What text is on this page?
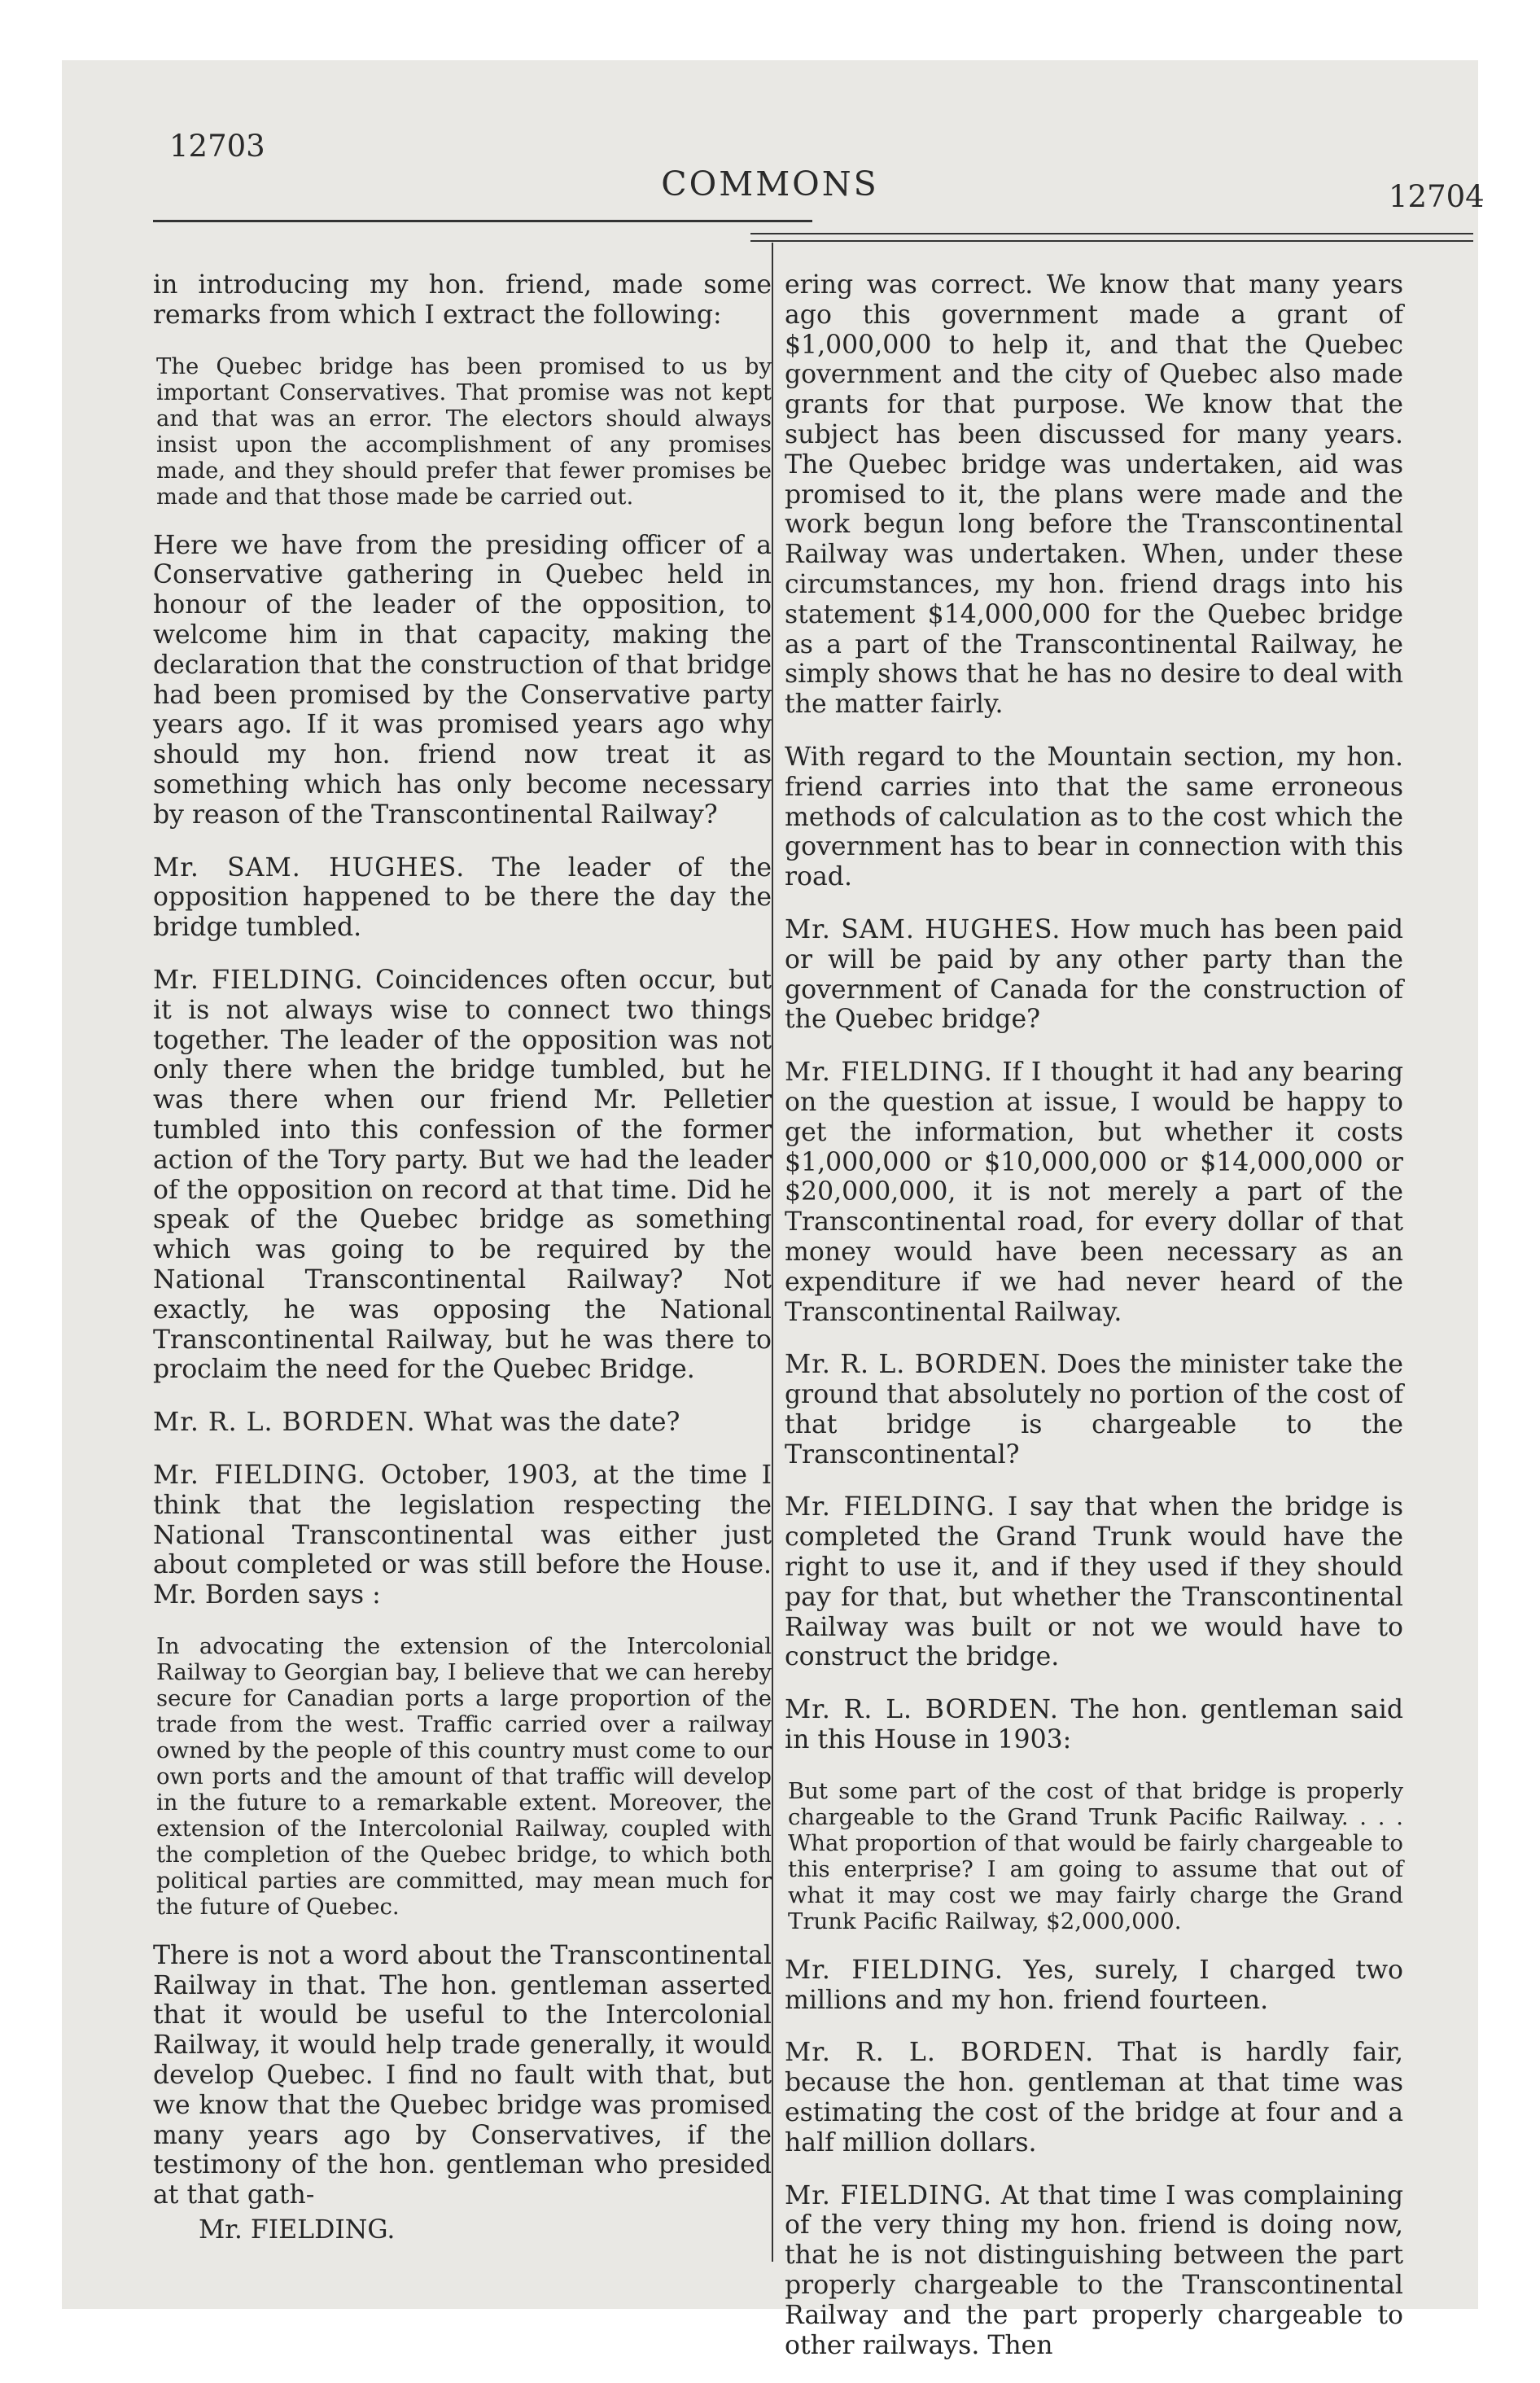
12703
COMMONS	12704

in introducing my hon. friend, made some remarks from which I extract the following:

The Quebec bridge has been promised to us by important Conservatives. That promise was not kept and that was an error. The electors should always insist upon the accomplishment of any promises made, and they should prefer that fewer promises be made and that those made be carried out.

Here we have from the presiding officer of a Conservative gathering in Quebec held in honour of the leader of the opposition, to welcome him in that capacity, making the declaration that the construction of that bridge had been promised by the Conservative party years ago. If it was promised years ago why should my hon. friend now treat it as something which has only become necessary by reason of the Transcontinental Railway?

Mr. SAM. HUGHES. The leader of the opposition happened to be there the day the bridge tumbled.

Mr. FIELDING. Coincidences often occur, but it is not always wise to connect two things together. The leader of the opposition was not only there when the bridge tumbled, but he was there when our friend Mr. Pelletier tumbled into this confession of the former action of the Tory party. But we had the leader of the opposition on record at that time. Did he speak of the Quebec bridge as something which was going to be required by the National Transcontinental Railway? Not exactly, he was opposing the National Transcontinental Railway, but he was there to proclaim the need for the Quebec Bridge.

Mr. R. L. BORDEN. What was the date?

Mr. FIELDING. October, 1903, at the time I think that the legislation respecting the National Transcontinental was either just about completed or was still before the House. Mr. Borden says :

In advocating the extension of the Intercolonial Railway to Georgian bay, I believe that we can hereby secure for Canadian ports a large proportion of the trade from the west. Traffic carried over a railway owned by the people of this country must come to our own ports and the amount of that traffic will develop in the future to a remarkable extent. Moreover, the extension of the Intercolonial Railway, coupled with the completion of the Quebec bridge, to which both political parties are committed, may mean much for the future of Quebec.

There is not a word about the Transcontinental Railway in that. The hon. gentleman asserted that it would be useful to the Intercolonial Railway, it would help trade generally, it would develop Quebec. I find no fault with that, but we know that the Quebec bridge was promised many years ago by Conservatives, if the testimony of the hon. gentleman who presided at that gath-

Mr. FIELDING.

ering was correct. We know that many years ago this government made a grant of $1,000,000 to help it, and that the Quebec government and the city of Quebec also made grants for that purpose. We know that the subject has been discussed for many years. The Quebec bridge was undertaken, aid was promised to it, the plans were made and the work begun long before the Transcontinental Railway was undertaken. When, under these circumstances, my hon. friend drags into his statement $14,000,000 for the Quebec bridge as a part of the Transcontinental Railway, he simply shows that he has no desire to deal with the matter fairly.

With regard to the Mountain section, my hon. friend carries into that the same erroneous methods of calculation as to the cost which the government has to bear in connection with this road.

Mr. SAM. HUGHES. How much has been paid or will be paid by any other party than the government of Canada for the construction of the Quebec bridge?

Mr. FIELDING. If I thought it had any bearing on the question at issue, I would be happy to get the information, but whether it costs $1,000,000 or $10,000,000 or $14,000,000 or $20,000,000, it is not merely a part of the Transcontinental road, for every dollar of that money would have been necessary as an expenditure if we had never heard of the Transcontinental Railway.

Mr. R. L. BORDEN. Does the minister take the ground that absolutely no portion of the cost of that bridge is chargeable to the Transcontinental?

Mr. FIELDING. I say that when the bridge is completed the Grand Trunk would have the right to use it, and if they used if they should pay for that, but whether the Transcontinental Railway was built or not we would have to construct the bridge.

Mr. R. L. BORDEN. The hon. gentleman said in this House in 1903:

But some part of the cost of that bridge is properly chargeable to the Grand Trunk Pacific Railway. . . . What proportion of that would be fairly chargeable to this enterprise? I am going to assume that out of what it may cost we may fairly charge the Grand Trunk Pacific Railway, $2,000,000.

Mr. FIELDING. Yes, surely, I charged two millions and my hon. friend fourteen.

Mr. R. L. BORDEN. That is hardly fair, because the hon. gentleman at that time was estimating the cost of the bridge at four and a half million dollars.

Mr. FIELDING. At that time I was complaining of the very thing my hon. friend is doing now, that he is not distinguishing between the part properly chargeable to the Transcontinental Railway and the part properly chargeable to other railways. Then
